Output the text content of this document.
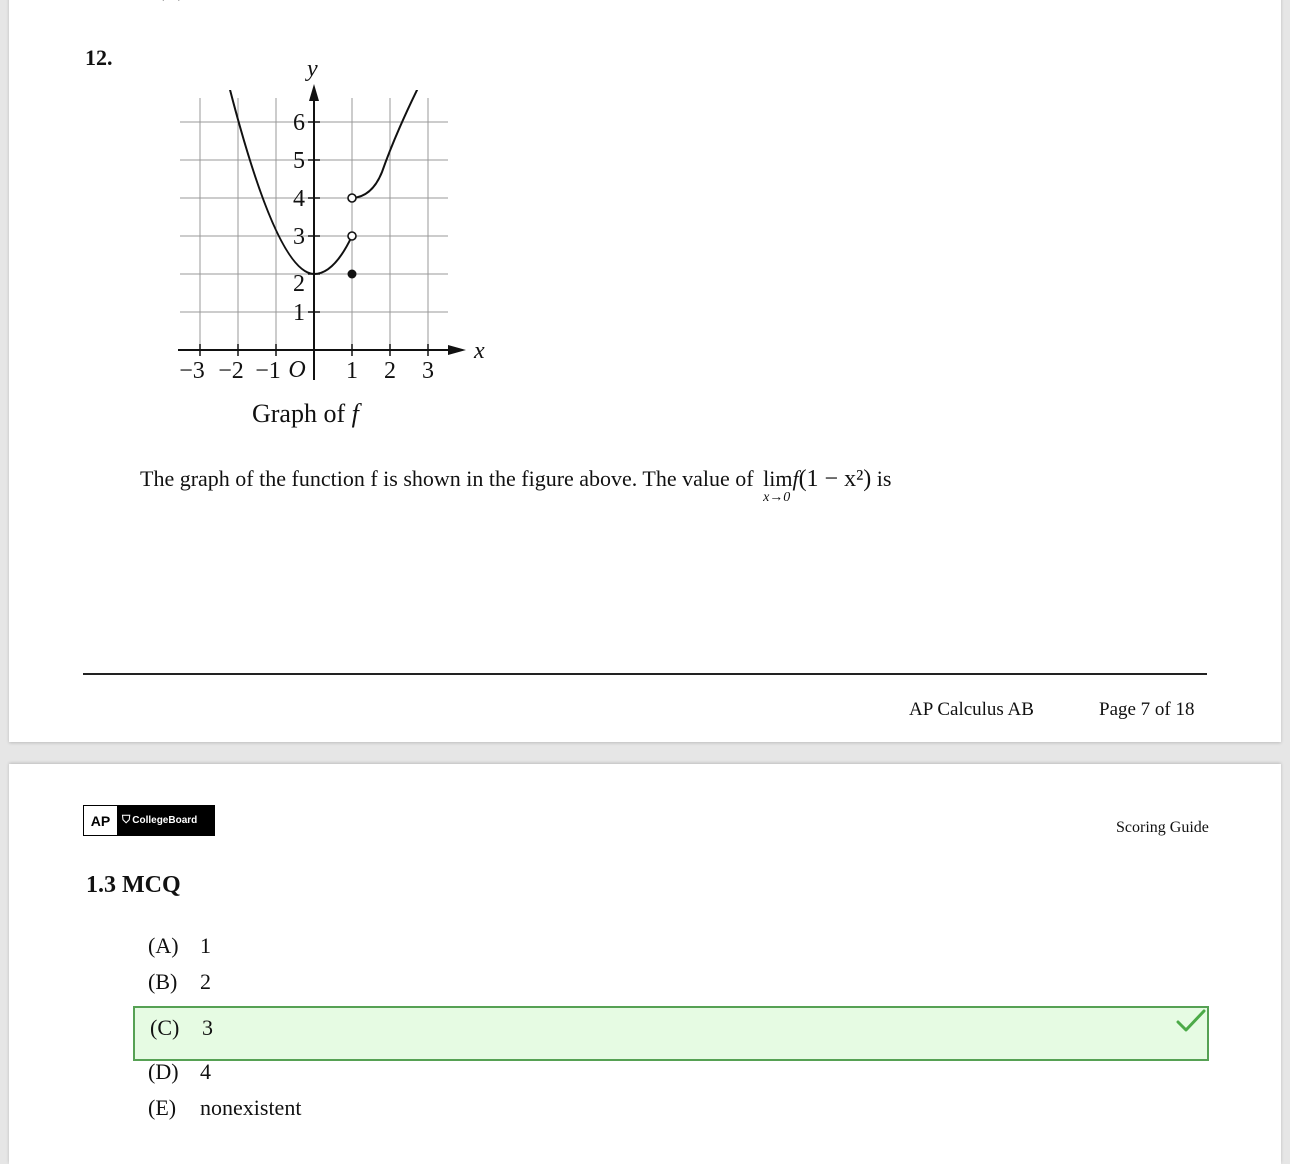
12.
−3 −2 −1 O 1 2 3
1
2
3
4
5
6
x
y
Graph of f
The graph of the function f is shown in the figure above. The value of lim
x→0
f(1 − x²) is
AP Calculus AB	Page 7 of 18
AP	⛉ CollegeBoard	Scoring Guide
1.3 MCQ
(A) 1
(B) 2
(C) 3
(D) 4
(E) nonexistent
